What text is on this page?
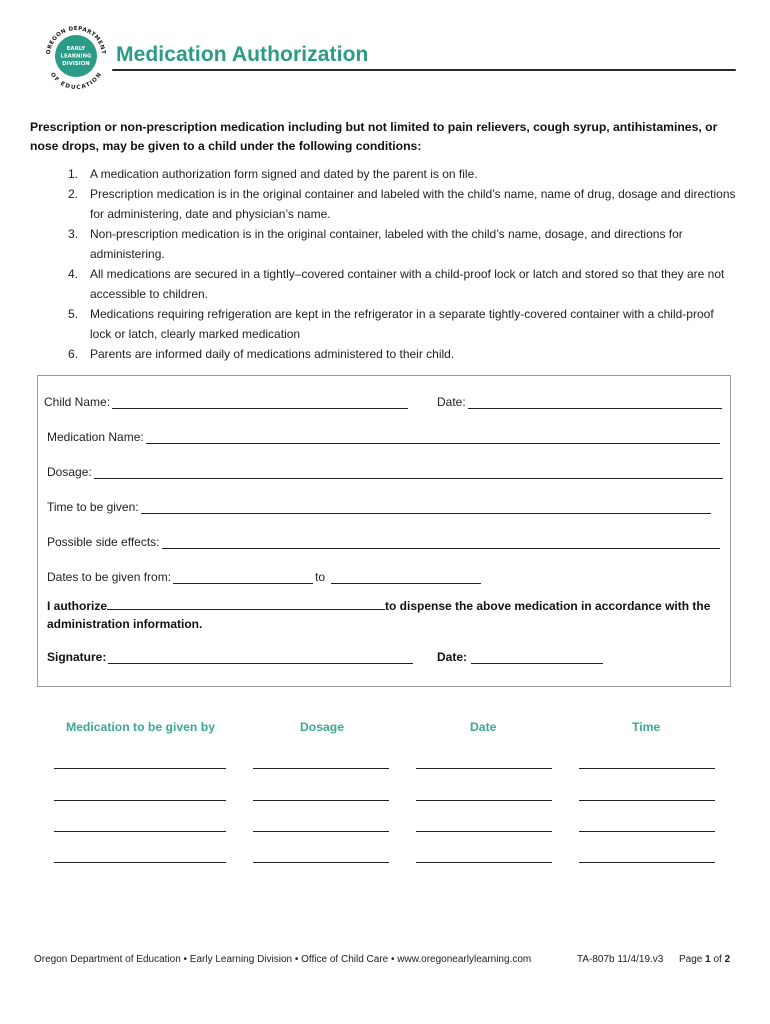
OREGON DEPARTMENT
OF EDUCATION
EARLY
LEARNING
DIVISION Medication Authorization
Prescription or non-prescription medication including but not limited to pain relievers, cough syrup, antihistamines, or nose drops, may be given to a child under the following conditions:
1. A medication authorization form signed and dated by the parent is on file.
2. Prescription medication is in the original container and labeled with the child’s name, name of drug, dosage and directions for administering, date and physician’s name.
3. Non-prescription medication is in the original container, labeled with the child’s name, dosage, and directions for administering.
4. All medications are secured in a tightly–covered container with a child-proof lock or latch and stored so that they are not accessible to children.
5. Medications requiring refrigeration are kept in the refrigerator in a separate tightly-covered container with a child-proof lock or latch, clearly marked medication
6. Parents are informed daily of medications administered to their child.
Child Name:	Date:
Medication Name:
Dosage:
Time to be given:
Possible side effects:
Dates to be given from:	to
I authorize	to dispense the above medication in accordance with the administration information.
Signature:	Date:
Medication to be given by	Dosage	Date	Time
Oregon Department of Education • Early Learning Division • Office of Child Care • www.oregonearlylearning.com	TA-807b 11/4/19.v3 Page 1 of 2
